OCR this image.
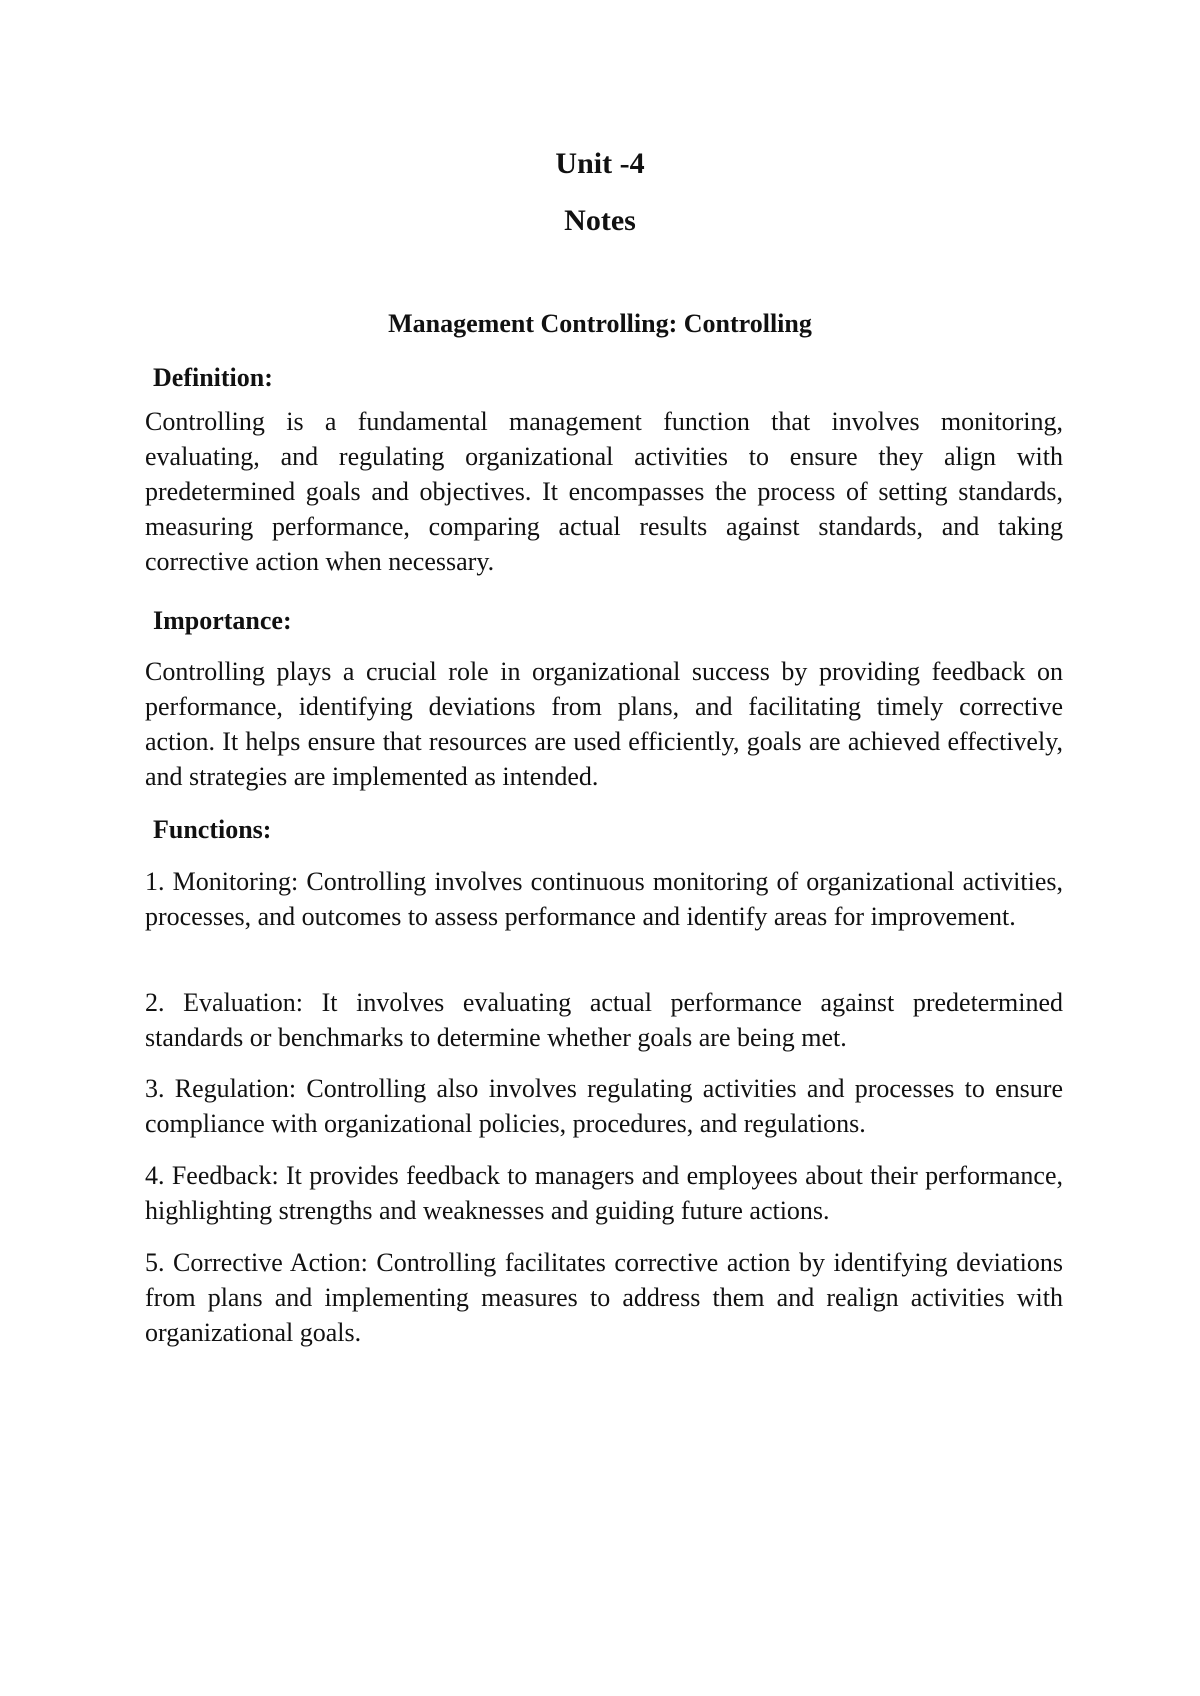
Unit -4
Notes
Management Controlling: Controlling
Definition:

Controlling is a fundamental management function that involves monitoring, evaluating, and regulating organizational activities to ensure they align with predetermined goals and objectives. It encompasses the process of setting standards, measuring performance, comparing actual results against standards, and taking corrective action when necessary.

Importance:

Controlling plays a crucial role in organizational success by providing feedback on performance, identifying deviations from plans, and facilitating timely corrective action. It helps ensure that resources are used efficiently, goals are achieved effectively, and strategies are implemented as intended.

Functions:

1. Monitoring: Controlling involves continuous monitoring of organizational activities, processes, and outcomes to assess performance and identify areas for improvement.

2. Evaluation: It involves evaluating actual performance against predetermined standards or benchmarks to determine whether goals are being met.

3. Regulation: Controlling also involves regulating activities and processes to ensure compliance with organizational policies, procedures, and regulations.

4. Feedback: It provides feedback to managers and employees about their performance, highlighting strengths and weaknesses and guiding future actions.

5. Corrective Action: Controlling facilitates corrective action by identifying deviations from plans and implementing measures to address them and realign activities with organizational goals.
